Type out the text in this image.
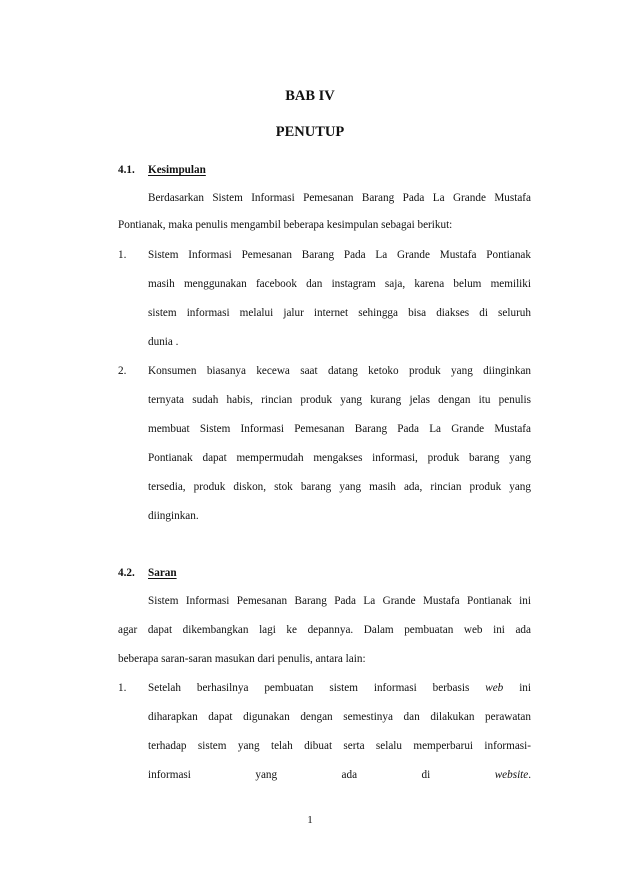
BAB IV
PENUTUP
4.1. Kesimpulan
Berdasarkan Sistem Informasi Pemesanan Barang Pada La Grande Mustafa
Pontianak, maka penulis mengambil beberapa kesimpulan sebagai berikut:
1. Sistem Informasi Pemesanan Barang Pada La Grande Mustafa Pontianak
masih menggunakan facebook dan instagram saja, karena belum memiliki
sistem informasi melalui jalur internet sehingga bisa diakses di seluruh
dunia .
2. Konsumen biasanya kecewa saat datang ketoko produk yang diinginkan
ternyata sudah habis, rincian produk yang kurang jelas dengan itu penulis
membuat Sistem Informasi Pemesanan Barang Pada La Grande Mustafa
Pontianak dapat mempermudah mengakses informasi, produk barang yang
tersedia, produk diskon, stok barang yang masih ada, rincian produk yang
diinginkan.
4.2. Saran
Sistem Informasi Pemesanan Barang Pada La Grande Mustafa Pontianak ini
agar dapat dikembangkan lagi ke depannya. Dalam pembuatan web ini ada
beberapa saran-saran masukan dari penulis, antara lain:
1. Setelah berhasilnya pembuatan sistem informasi berbasis web ini
diharapkan dapat digunakan dengan semestinya dan dilakukan perawatan
terhadap sistem yang telah dibuat serta selalu memperbarui informasi-
informasi	yang	ada	di	website.
1
